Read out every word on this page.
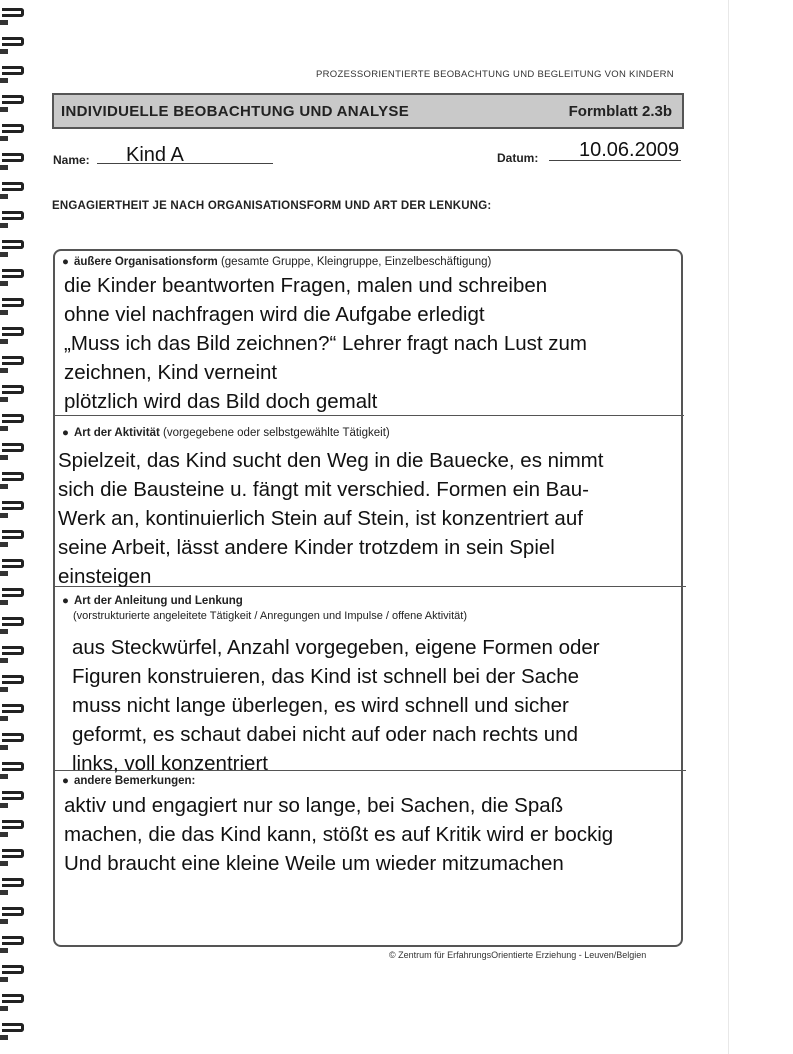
PROZESSORIENTIERTE BEOBACHTUNG UND BEGLEITUNG VON KINDERN
INDIVIDUELLE BEOBACHTUNG UND ANALYSE	Formblatt 2.3b
Name: Kind A	Datum: 10.06.2009
ENGAGIERTHEIT JE NACH ORGANISATIONSFORM UND ART DER LENKUNG:
● äußere Organisationsform (gesamte Gruppe, Kleingruppe, Einzelbeschäftigung)
die Kinder beantworten Fragen, malen und schreiben
ohne viel nachfragen wird die Aufgabe erledigt
„Muss ich das Bild zeichnen?“ Lehrer fragt nach Lust zum
zeichnen, Kind verneint
plötzlich wird das Bild doch gemalt
● Art der Aktivität (vorgegebene oder selbstgewählte Tätigkeit)
Spielzeit, das Kind sucht den Weg in die Bauecke, es nimmt
sich die Bausteine u. fängt mit verschied. Formen ein Bau-
Werk an, kontinuierlich Stein auf Stein, ist konzentriert auf
seine Arbeit, lässt andere Kinder trotzdem in sein Spiel
einsteigen
● Art der Anleitung und Lenkung
(vorstrukturierte angeleitete Tätigkeit / Anregungen und Impulse / offene Aktivität)
aus Steckwürfel, Anzahl vorgegeben, eigene Formen oder
Figuren konstruieren, das Kind ist schnell bei der Sache
muss nicht lange überlegen, es wird schnell und sicher
geformt, es schaut dabei nicht auf oder nach rechts und
links, voll konzentriert
● andere Bemerkungen:
aktiv und engagiert nur so lange, bei Sachen, die Spaß
machen, die das Kind kann, stößt es auf Kritik wird er bockig
Und braucht eine kleine Weile um wieder mitzumachen
© Zentrum für ErfahrungsOrientierte Erziehung - Leuven/Belgien
